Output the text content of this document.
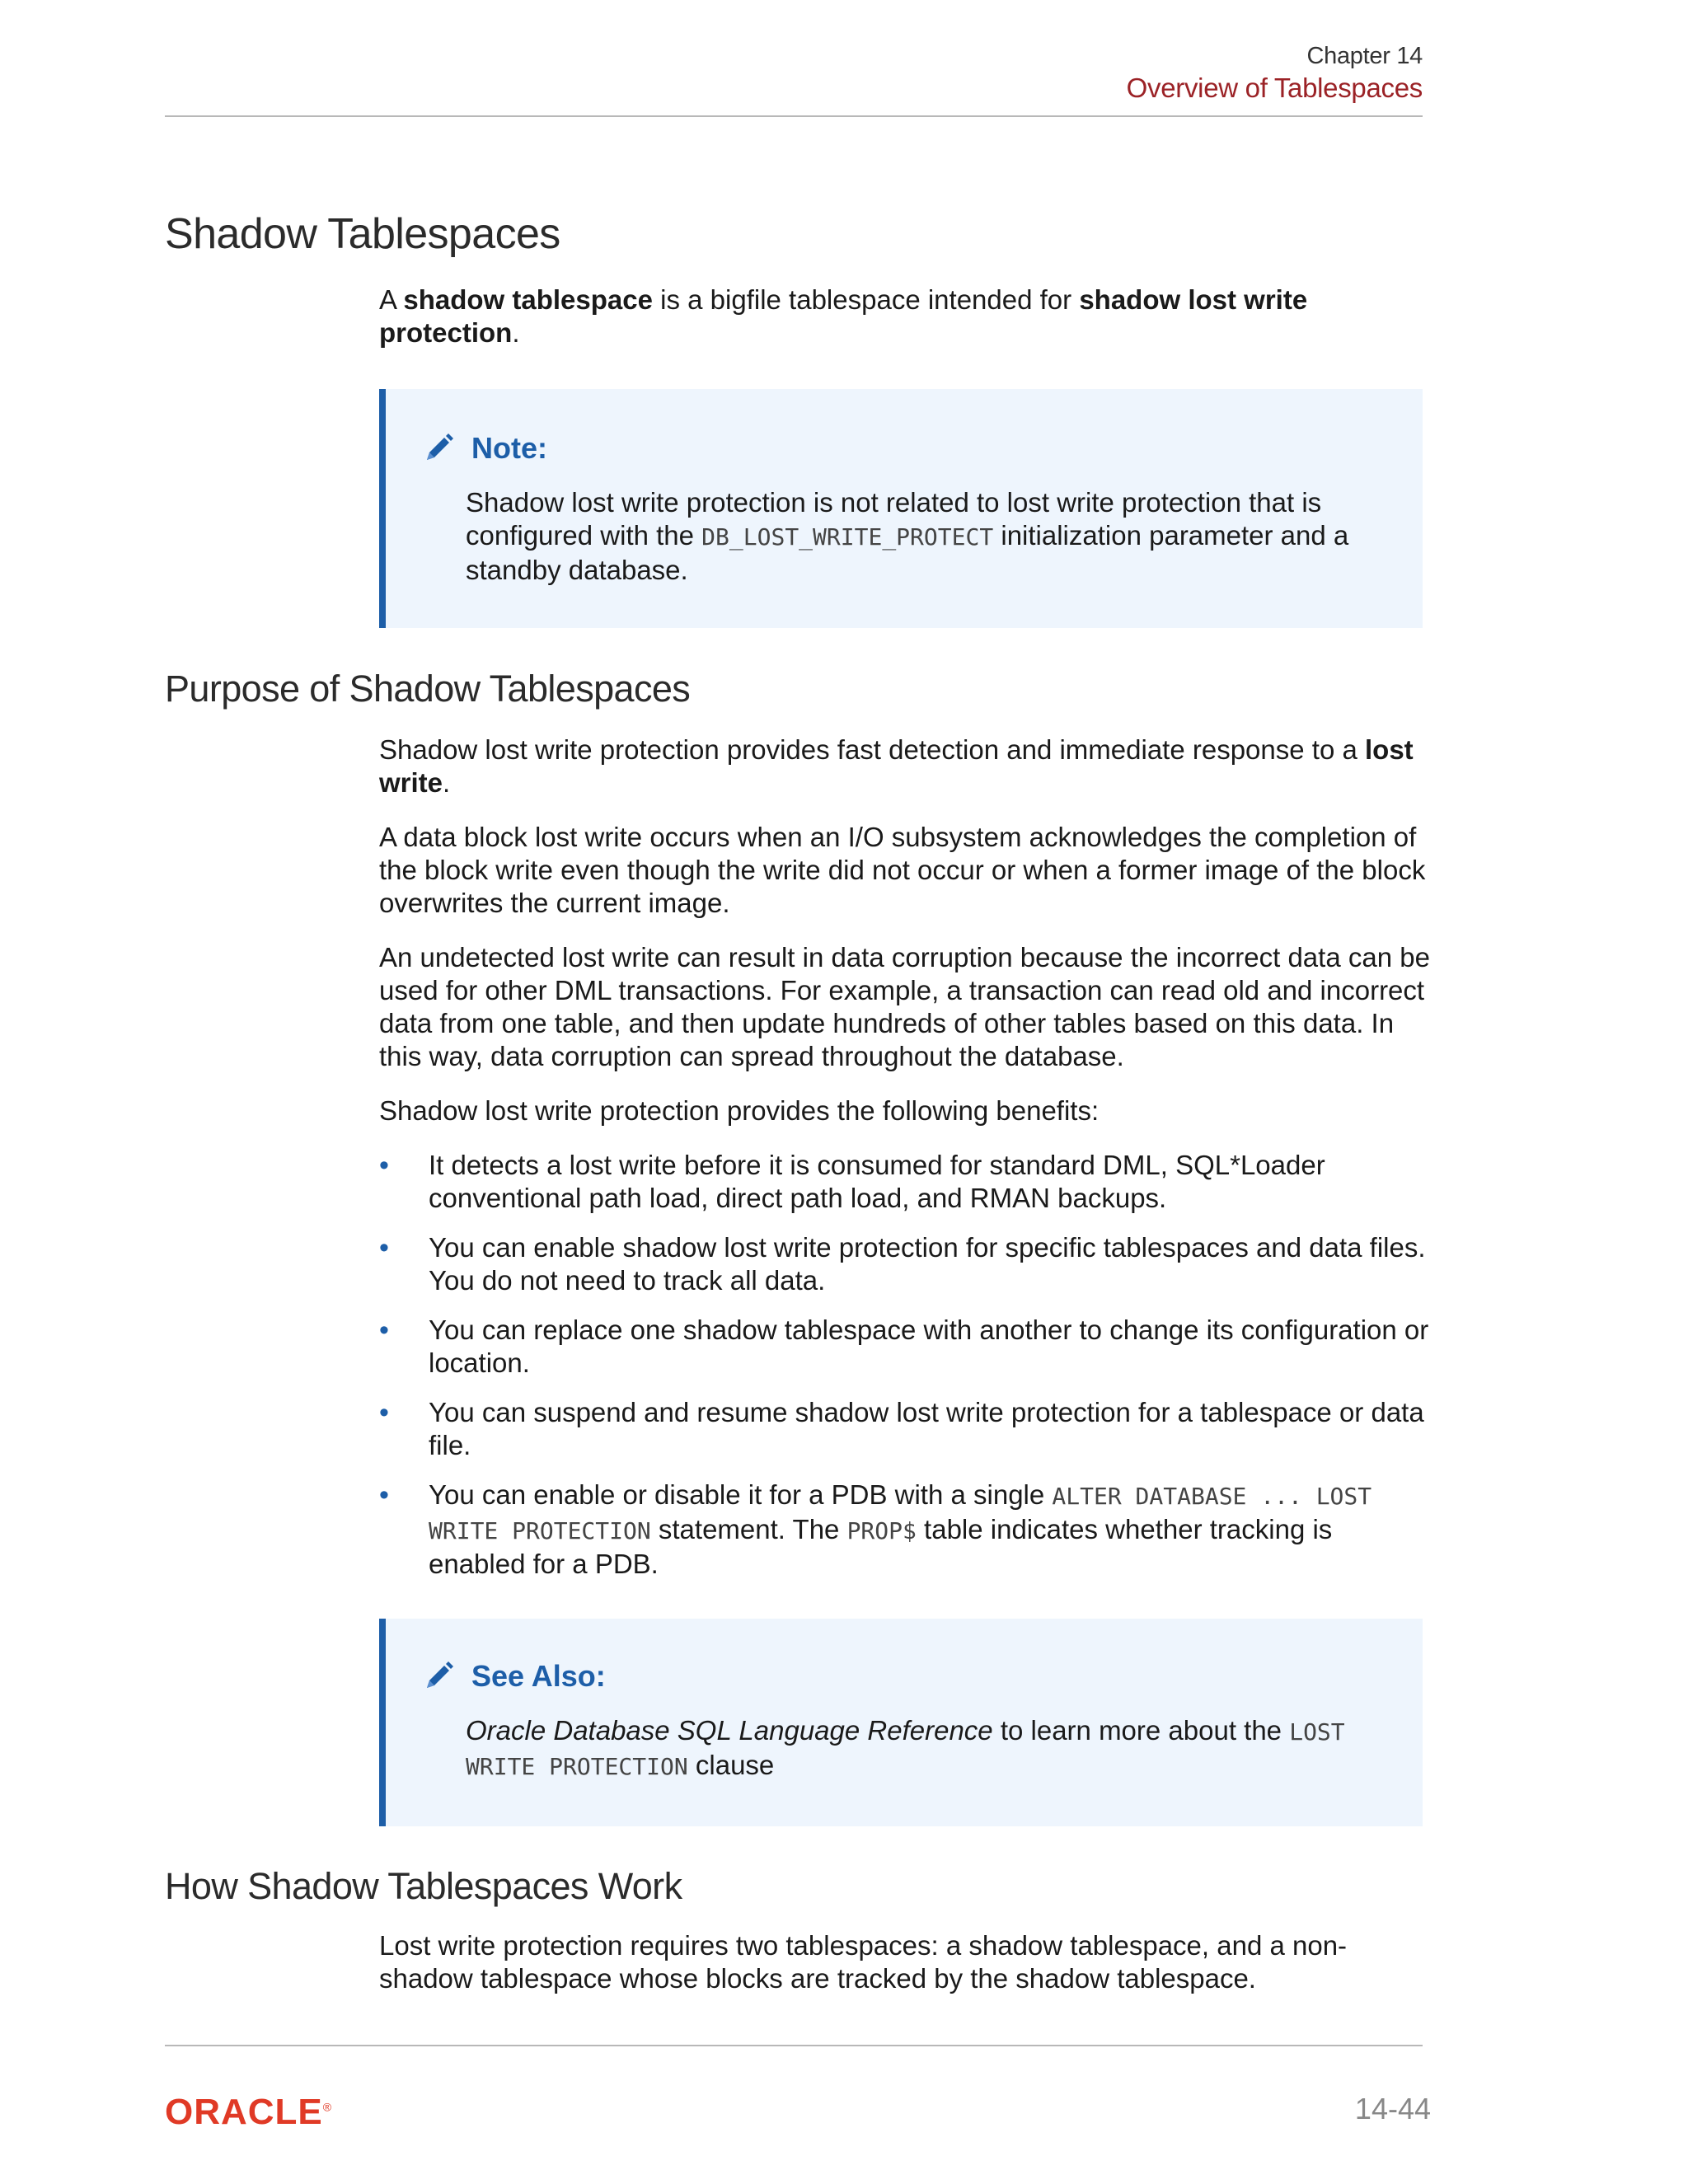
Chapter 14
Overview of Tablespaces
Shadow Tablespaces

A shadow tablespace is a bigfile tablespace intended for shadow lost write protection.

Note:
Shadow lost write protection is not related to lost write protection that is configured with the DB_LOST_WRITE_PROTECT initialization parameter and a standby database.
Purpose of Shadow Tablespaces

Shadow lost write protection provides fast detection and immediate response to a lost write.

A data block lost write occurs when an I/O subsystem acknowledges the completion of the block write even though the write did not occur or when a former image of the block overwrites the current image.

An undetected lost write can result in data corruption because the incorrect data can be used for other DML transactions. For example, a transaction can read old and incorrect data from one table, and then update hundreds of other tables based on this data. In this way, data corruption can spread throughout the database.

Shadow lost write protection provides the following benefits:

• It detects a lost write before it is consumed for standard DML, SQL*Loader conventional path load, direct path load, and RMAN backups.
• You can enable shadow lost write protection for specific tablespaces and data files. You do not need to track all data.
• You can replace one shadow tablespace with another to change its configuration or location.
• You can suspend and resume shadow lost write protection for a tablespace or data file.
• You can enable or disable it for a PDB with a single ALTER DATABASE ... LOST WRITE PROTECTION statement. The PROP$ table indicates whether tracking is enabled for a PDB.
See Also:
Oracle Database SQL Language Reference to learn more about the LOST WRITE PROTECTION clause
How Shadow Tablespaces Work

Lost write protection requires two tablespaces: a shadow tablespace, and a non-shadow tablespace whose blocks are tracked by the shadow tablespace.

ORACLE®	14-44
